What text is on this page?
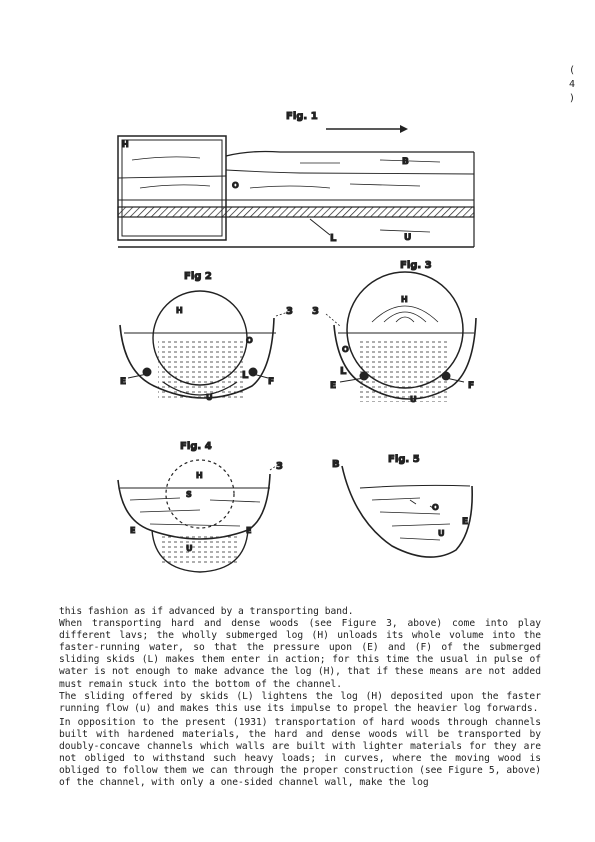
(
4
)
Fig. 1
H
B
O
L	U
Fig 2
H
O
L
U
E	F
3
Fig. 3
H
O
L
U
E	F
3
Fig. 4
H
S
U
E	E
3
Fig. 5
B
O
E
U

this fashion as if advanced by a transporting band.

When transporting hard and dense woods (see Figure 3, above) come into play different lavs; the wholly submerged log (H) unloads its whole volume into the faster-running water, so that the pressure upon (E) and (F) of the submerged sliding skids (L) makes them enter in action; for this time the usual in pulse of water is not enough to make advance the log (H), that if these means are not added must remain stuck into the bottom of the channel.

The sliding offered by skids (L) lightens the log (H) deposited upon the faster running flow (u) and makes this use its impulse to propel the heavier log forwards.

In opposition to the present (1931) transportation of hard woods through channels built with hardened materials, the hard and dense woods will be transported by doubly-concave channels which walls are built with lighter materials for they are not obliged to withstand such heavy loads; in curves, where the moving wood is obliged to follow them we can through the proper construction (see Figure 5, above) of the channel, with only a one-sided channel wall, make the log
